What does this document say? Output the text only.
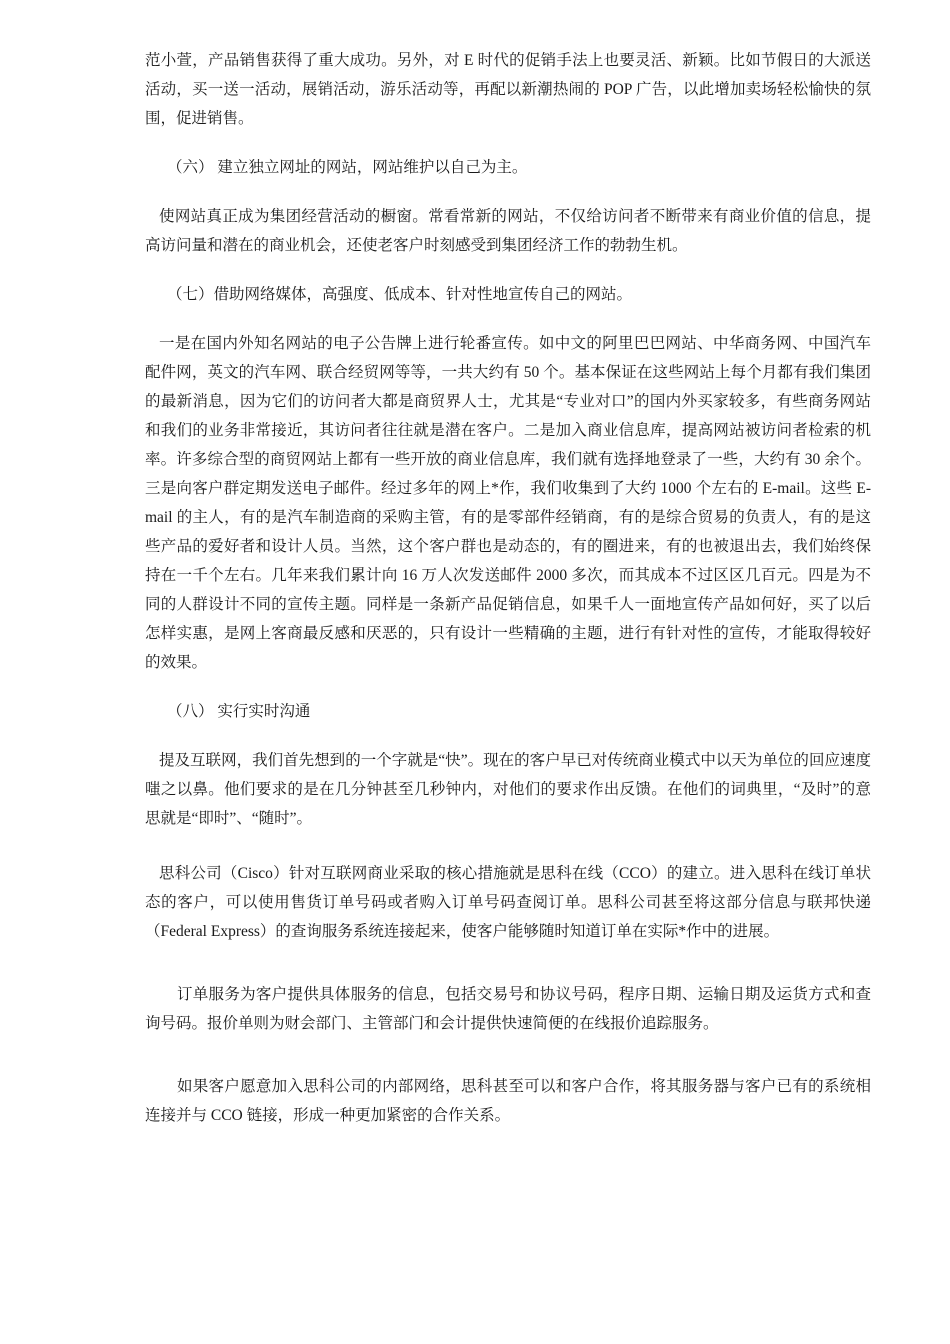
范小萱，产品销售获得了重大成功。另外，对 E 时代的促销手法上也要灵活、新颖。比如节假日的大派送活动，买一送一活动，展销活动，游乐活动等，再配以新潮热闹的 POP 广告，以此增加卖场轻松愉快的氛围，促进销售。

（六） 建立独立网址的网站，网站维护以自己为主。

使网站真正成为集团经营活动的橱窗。常看常新的网站，不仅给访问者不断带来有商业价值的信息，提高访问量和潜在的商业机会，还使老客户时刻感受到集团经济工作的勃勃生机。

（七）借助网络媒体，高强度、低成本、针对性地宣传自己的网站。

一是在国内外知名网站的电子公告牌上进行轮番宣传。如中文的阿里巴巴网站、中华商务网、中国汽车配件网，英文的汽车网、联合经贸网等等，一共大约有 50 个。基本保证在这些网站上每个月都有我们集团的最新消息，因为它们的访问者大都是商贸界人士，尤其是“专业对口”的国内外买家较多，有些商务网站和我们的业务非常接近，其访问者往往就是潜在客户。二是加入商业信息库，提高网站被访问者检索的机率。许多综合型的商贸网站上都有一些开放的商业信息库，我们就有选择地登录了一些，大约有 30 余个。三是向客户群定期发送电子邮件。经过多年的网上*作，我们收集到了大约 1000 个左右的 E-mail。这些 E-mail 的主人，有的是汽车制造商的采购主管，有的是零部件经销商，有的是综合贸易的负责人，有的是这些产品的爱好者和设计人员。当然，这个客户群也是动态的，有的圈进来，有的也被退出去，我们始终保持在一千个左右。几年来我们累计向 16 万人次发送邮件 2000 多次，而其成本不过区区几百元。四是为不同的人群设计不同的宣传主题。同样是一条新产品促销信息，如果千人一面地宣传产品如何好，买了以后怎样实惠，是网上客商最反感和厌恶的，只有设计一些精确的主题，进行有针对性的宣传，才能取得较好的效果。

（八） 实行实时沟通

提及互联网，我们首先想到的一个字就是“快”。现在的客户早已对传统商业模式中以天为单位的回应速度嗤之以鼻。他们要求的是在几分钟甚至几秒钟内，对他们的要求作出反馈。在他们的词典里，“及时”的意思就是“即时”、“随时”。

思科公司（Cisco）针对互联网商业采取的核心措施就是思科在线（CCO）的建立。进入思科在线订单状态的客户，可以使用售货订单号码或者购入订单号码查阅订单。思科公司甚至将这部分信息与联邦快递（Federal Express）的查询服务系统连接起来，使客户能够随时知道订单在实际*作中的进展。

订单服务为客户提供具体服务的信息，包括交易号和协议号码，程序日期、运输日期及运货方式和查询号码。报价单则为财会部门、主管部门和会计提供快速简便的在线报价追踪服务。

如果客户愿意加入思科公司的内部网络，思科甚至可以和客户合作，将其服务器与客户已有的系统相连接并与 CCO 链接，形成一种更加紧密的合作关系。
